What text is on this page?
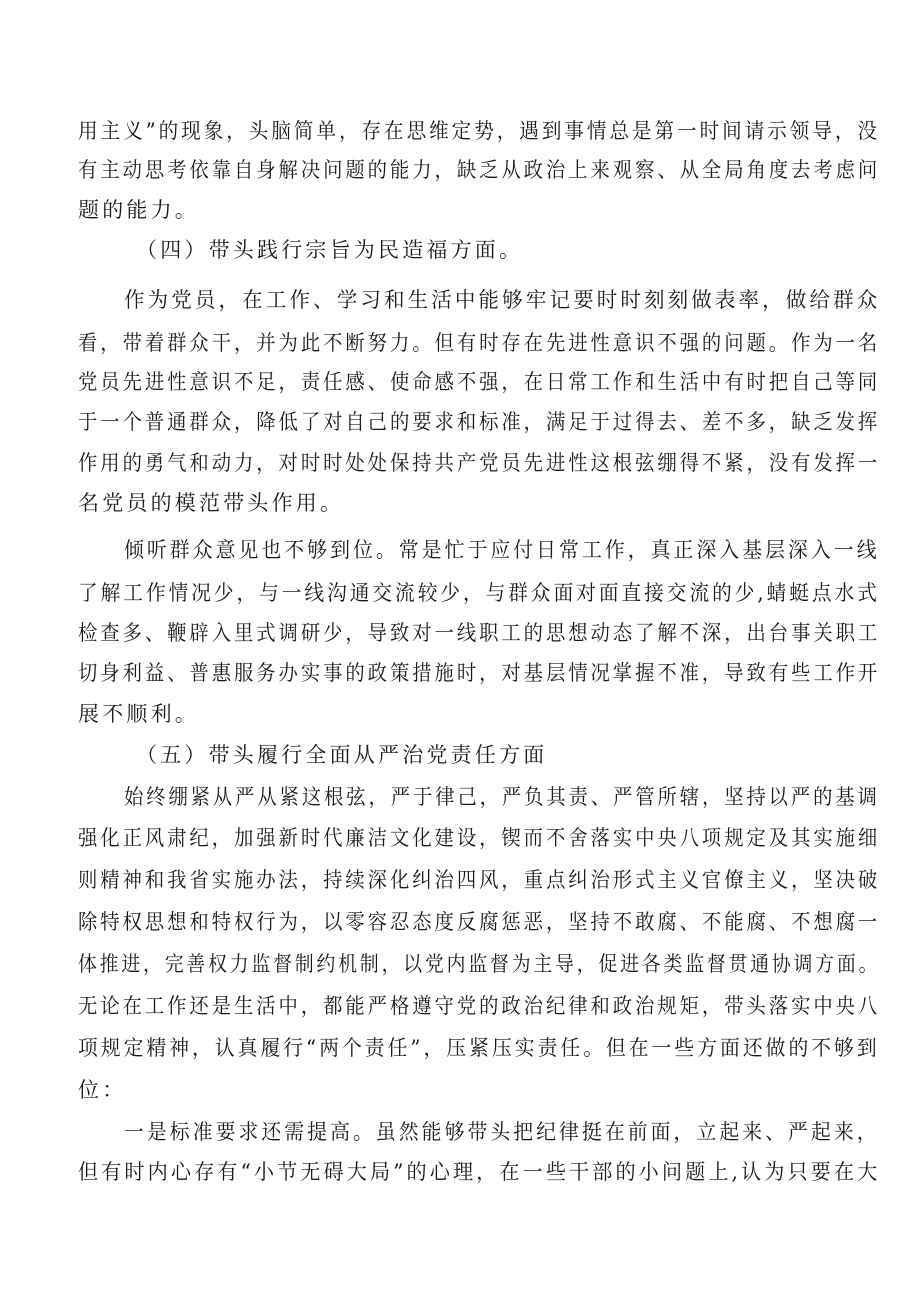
用主义”的现象，头脑简单，存在思维定势，遇到事情总是第一时间请示领导，没
有主动思考依靠自身解决问题的能力，缺乏从政治上来观察、从全局角度去考虑问
题的能力。
（四）带头践行宗旨为民造福方面。
作为党员，在工作、学习和生活中能够牢记要时时刻刻做表率，做给群众
看，带着群众干，并为此不断努力。但有时存在先进性意识不强的问题。作为一名
党员先进性意识不足，责任感、使命感不强，在日常工作和生活中有时把自己等同
于一个普通群众，降低了对自己的要求和标准，满足于过得去、差不多，缺乏发挥
作用的勇气和动力，对时时处处保持共产党员先进性这根弦绷得不紧，没有发挥一
名党员的模范带头作用。
倾听群众意见也不够到位。常是忙于应付日常工作，真正深入基层深入一线
了解工作情况少，与一线沟通交流较少，与群众面对面直接交流的少,蜻蜓点水式
检查多、鞭辟入里式调研少，导致对一线职工的思想动态了解不深，出台事关职工
切身利益、普惠服务办实事的政策措施时，对基层情况掌握不准，导致有些工作开
展不顺利。
（五）带头履行全面从严治党责任方面
始终绷紧从严从紧这根弦，严于律己，严负其责、严管所辖，坚持以严的基调
强化正风肃纪，加强新时代廉洁文化建设，锲而不舍落实中央八项规定及其实施细
则精神和我省实施办法，持续深化纠治四风，重点纠治形式主义官僚主义，坚决破
除特权思想和特权行为，以零容忍态度反腐惩恶，坚持不敢腐、不能腐、不想腐一
体推进，完善权力监督制约机制，以党内监督为主导，促进各类监督贯通协调方面。
无论在工作还是生活中，都能严格遵守党的政治纪律和政治规矩，带头落实中央八
项规定精神，认真履行“两个责任”，压紧压实责任。但在一些方面还做的不够到
位：
一是标准要求还需提高。虽然能够带头把纪律挺在前面，立起来、严起来，
但有时内心存有“小节无碍大局”的心理，在一些干部的小问题上,认为只要在大
